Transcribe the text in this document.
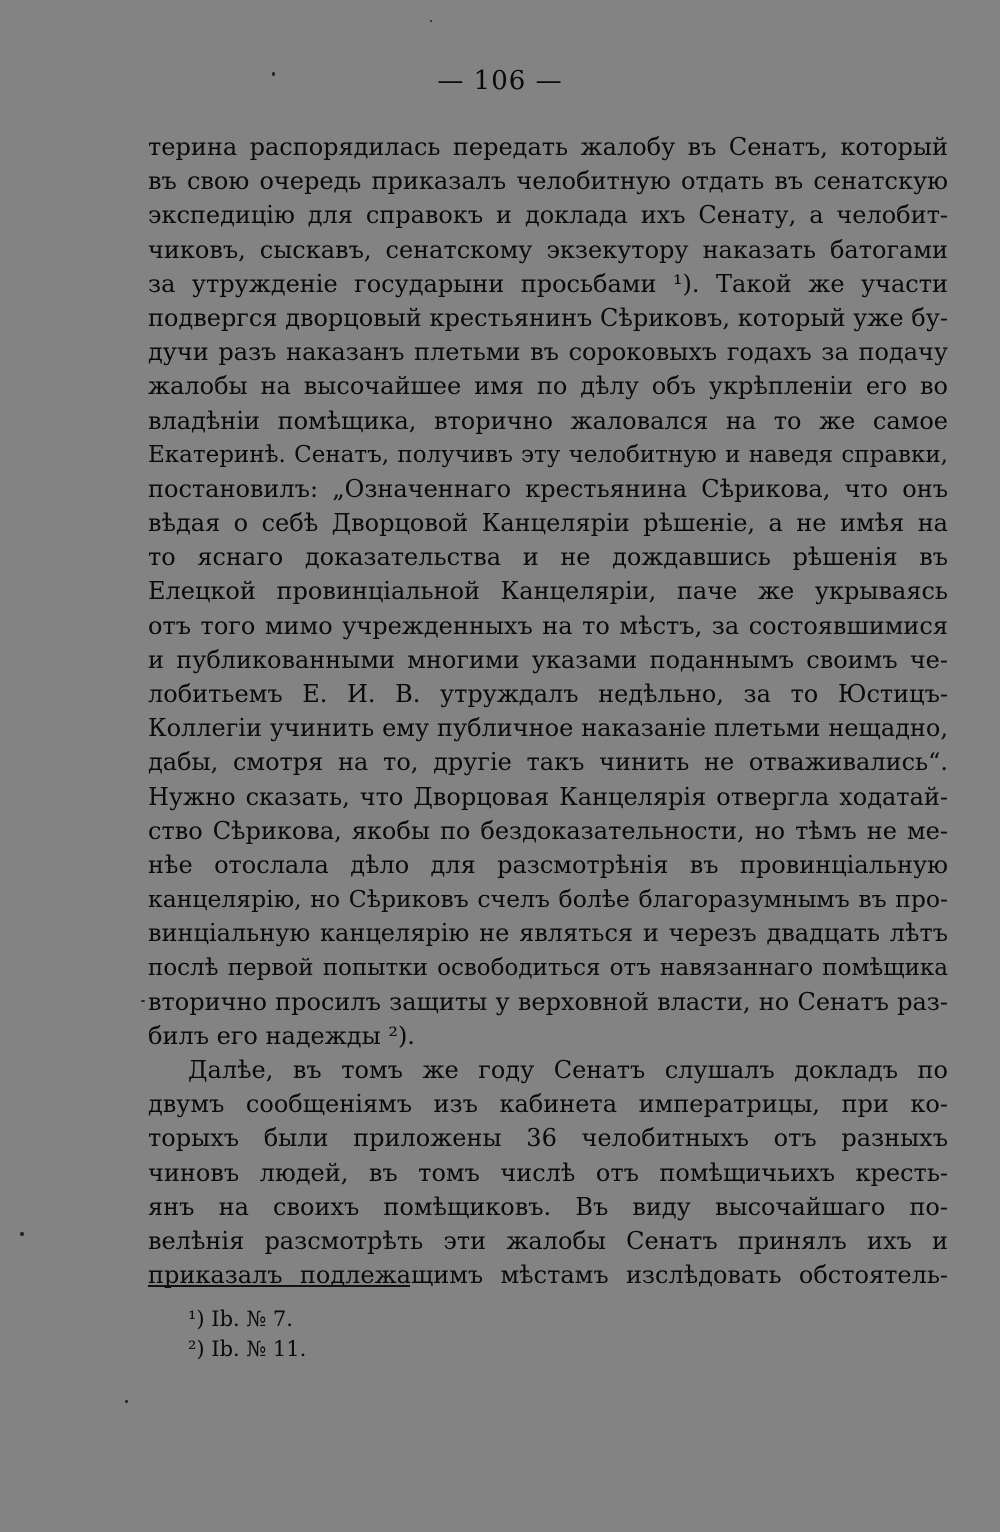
— 106 —
терина распорядилась передать жалобу въ Сенатъ, который
въ свою очередь приказалъ челобитную отдать въ сенатскую
экспедицію для справокъ и доклада ихъ Сенату, а челобит-
чиковъ, сыскавъ, сенатскому экзекутору наказать батогами
за утружденіе государыни просьбами ¹). Такой же участи
подвергся дворцовый крестьянинъ Сѣриковъ, который уже бу-
дучи разъ наказанъ плетьми въ сороковыхъ годахъ за подачу
жалобы на высочайшее имя по дѣлу объ укрѣпленіи его во
владѣніи помѣщика, вторично жаловался на то же самое
Екатеринѣ. Сенатъ, получивъ эту челобитную и наведя справки,
постановилъ: „Означеннаго крестьянина Сѣрикова, что онъ
вѣдая о себѣ Дворцовой Канцеляріи рѣшеніе, а не имѣя на
то яснаго доказательства и не дождавшись рѣшенія въ
Елецкой провинціальной Канцеляріи, паче же укрываясь
отъ того мимо учрежденныхъ на то мѣстъ, за состоявшимися
и публикованными многими указами поданнымъ своимъ че-
лобитьемъ Е. И. В. утруждалъ недѣльно, за то Юстицъ-
Коллегіи учинить ему публичное наказаніе плетьми нещадно,
дабы, смотря на то, другіе такъ чинить не отваживались“.
Нужно сказать, что Дворцовая Канцелярія отвергла ходатай-
ство Сѣрикова, якобы по бездоказательности, но тѣмъ не ме-
нѣе отослала дѣло для разсмотрѣнія въ провинціальную
канцелярію, но Сѣриковъ счелъ болѣе благоразумнымъ въ про-
винціальную канцелярію не являться и черезъ двадцать лѣтъ
послѣ первой попытки освободиться отъ навязаннаго помѣщика
вторично просилъ защиты у верховной власти, но Сенатъ раз-
билъ его надежды ²).
Далѣе, въ томъ же году Сенатъ слушалъ докладъ по
двумъ сообщеніямъ изъ кабинета императрицы, при ко-
торыхъ были приложены 36 челобитныхъ отъ разныхъ
чиновъ людей, въ томъ числѣ отъ помѣщичьихъ кресть-
янъ на своихъ помѣщиковъ. Въ виду высочайшаго по-
велѣнія разсмотрѣть эти жалобы Сенатъ принялъ ихъ и
приказалъ подлежащимъ мѣстамъ изслѣдовать обстоятель-
¹) Ib. № 7.
²) Ib. № 11.
